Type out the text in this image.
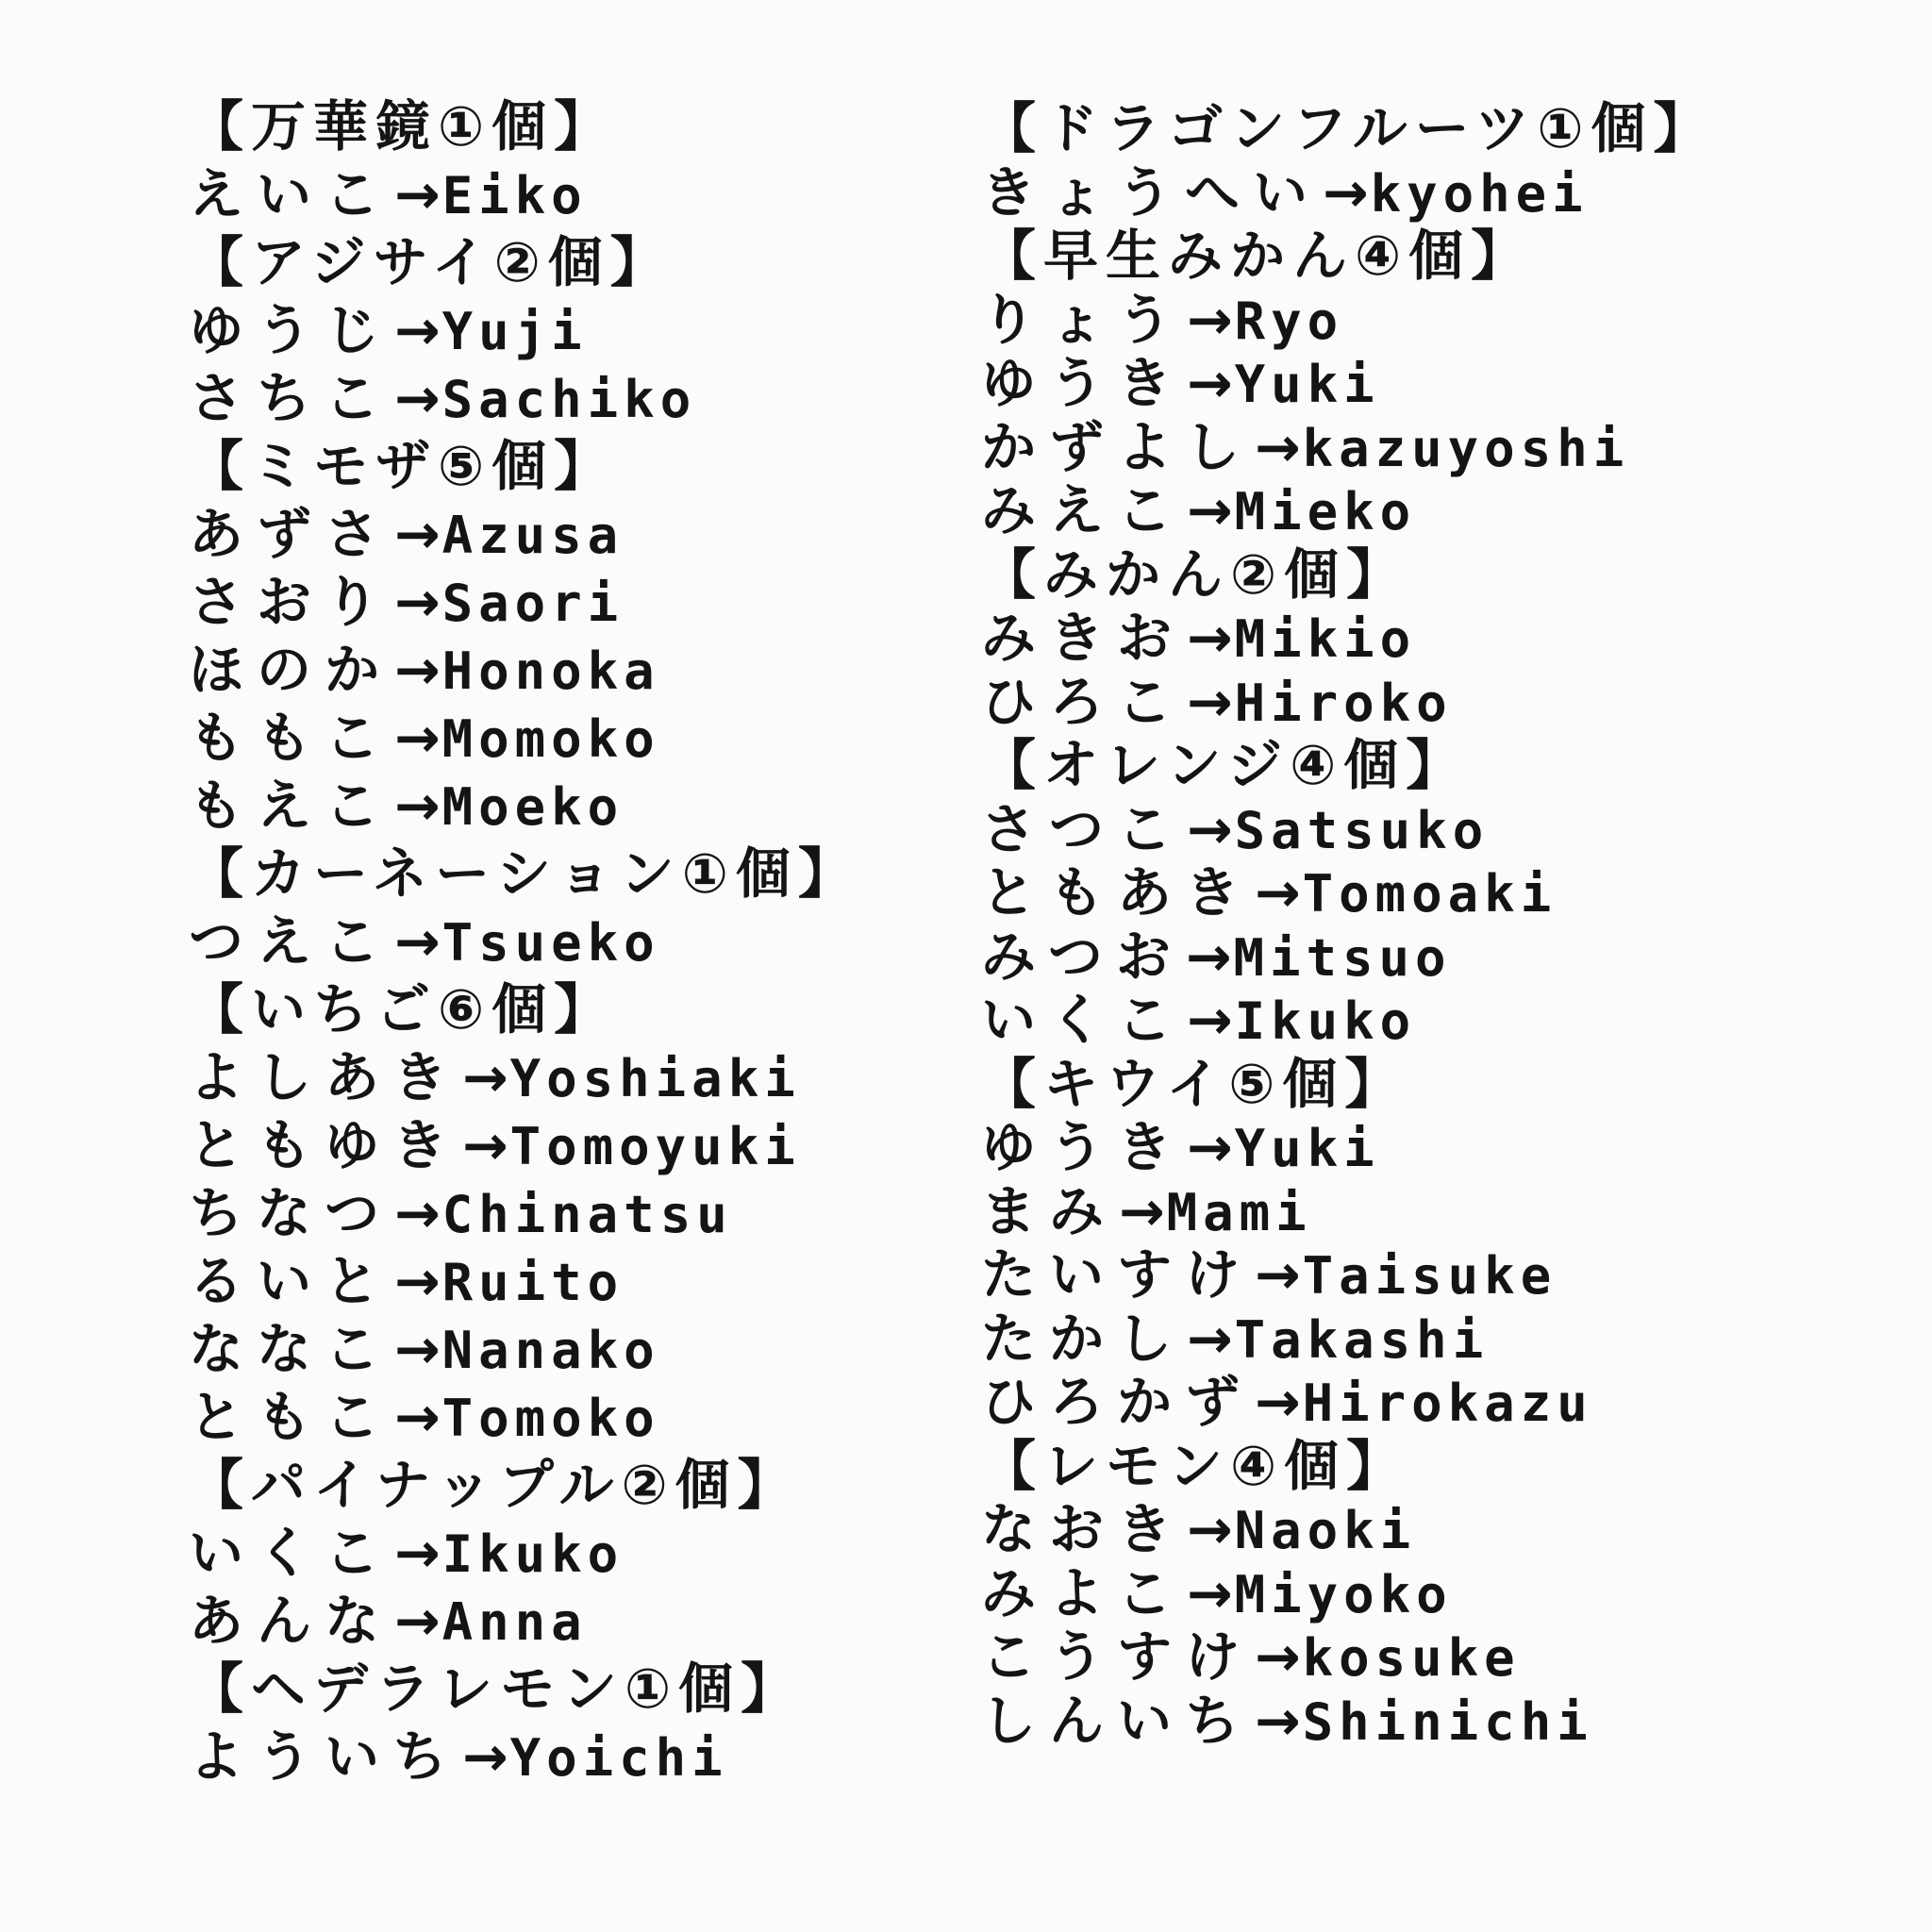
【万華鏡①個】
えいこ→Eiko
【アジサイ②個】
ゆうじ→Yuji
さちこ→Sachiko
【ミモザ⑤個】
あずさ→Azusa
さおり→Saori
ほのか→Honoka
ももこ→Momoko
もえこ→Moeko
【カーネーション①個】
つえこ→Tsueko
【いちご⑥個】
よしあき→Yoshiaki
ともゆき→Tomoyuki
ちなつ→Chinatsu
るいと→Ruito
ななこ→Nanako
ともこ→Tomoko
【パイナップル②個】
いくこ→Ikuko
あんな→Anna
【ヘデラレモン①個】
よういち→Yoichi
【ドラゴンフルーツ①個】
きょうへい→kyohei
【早生みかん④個】
りょう→Ryo
ゆうき→Yuki
かずよし→kazuyoshi
みえこ→Mieko
【みかん②個】
みきお→Mikio
ひろこ→Hiroko
【オレンジ④個】
さつこ→Satsuko
ともあき→Tomoaki
みつお→Mitsuo
いくこ→Ikuko
【キウイ⑤個】
ゆうき→Yuki
まみ→Mami
たいすけ→Taisuke
たかし→Takashi
ひろかず→Hirokazu
【レモン④個】
なおき→Naoki
みよこ→Miyoko
こうすけ→kosuke
しんいち→Shinichi
